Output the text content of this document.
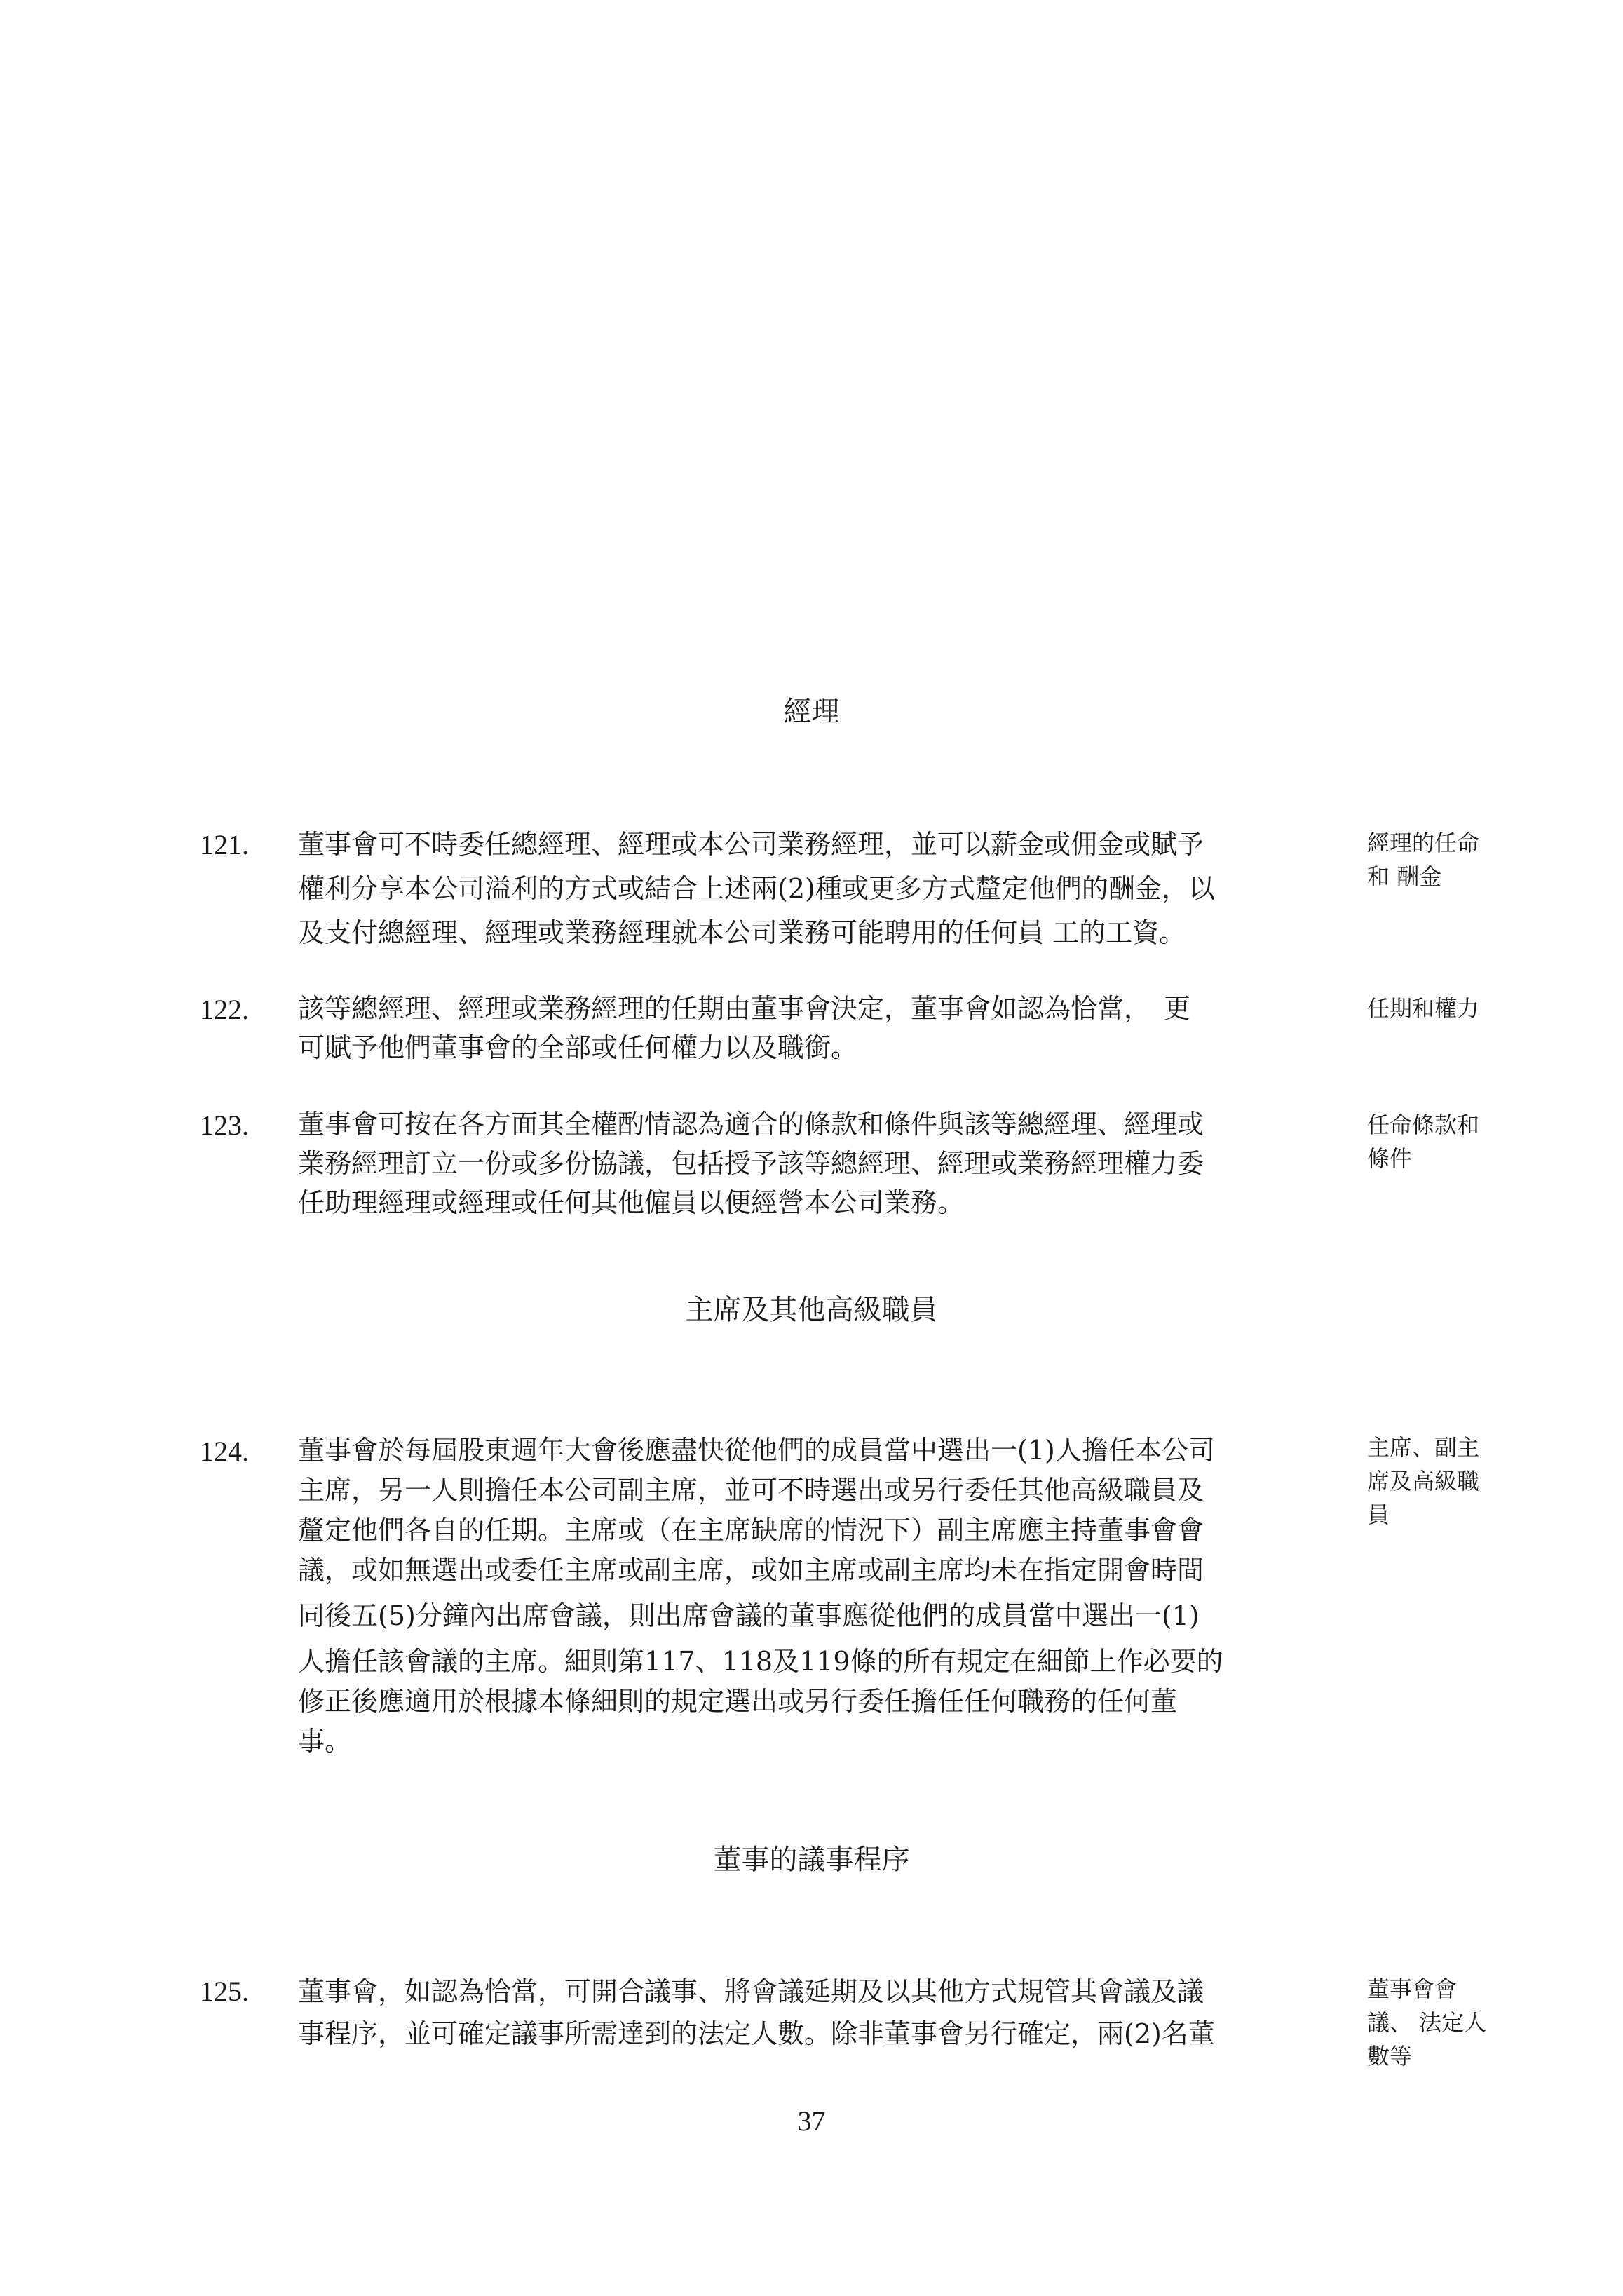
經理
121. 董事會可不時委任總經理、經理或本公司業務經理，並可以薪金或佣金或賦予
權利分享本公司溢利的方式或結合上述兩(2)種或更多方式釐定他們的酬金，以
及支付總經理、經理或業務經理就本公司業務可能聘用的任何員 工的工資。
經理的任命
和 酬金
122. 該等總經理、經理或業務經理的任期由董事會決定，董事會如認為恰當，　更
可賦予他們董事會的全部或任何權力以及職銜。
任期和權力
123. 董事會可按在各方面其全權酌情認為適合的條款和條件與該等總經理、經理或
業務經理訂立一份或多份協議，包括授予該等總經理、經理或業務經理權力委
任助理經理或經理或任何其他僱員以便經營本公司業務。
任命條款和
條件
主席及其他高級職員
124. 董事會於每屆股東週年大會後應盡快從他們的成員當中選出一(1)人擔任本公司
主席，另一人則擔任本公司副主席，並可不時選出或另行委任其他高級職員及
釐定他們各自的任期。主席或（在主席缺席的情況下）副主席應主持董事會會
議，或如無選出或委任主席或副主席，或如主席或副主席均未在指定開會時間
同後五(5)分鐘內出席會議，則出席會議的董事應從他們的成員當中選出一(1)
人擔任該會議的主席。細則第117、118及119條的所有規定在細節上作必要的
修正後應適用於根據本條細則的規定選出或另行委任擔任任何職務的任何董
事。
主席、副主
席及高級職
員
董事的議事程序
125. 董事會，如認為恰當，可開合議事、將會議延期及以其他方式規管其會議及議
事程序，並可確定議事所需達到的法定人數。除非董事會另行確定，兩(2)名董
董事會會
議、 法定人
數等
37
